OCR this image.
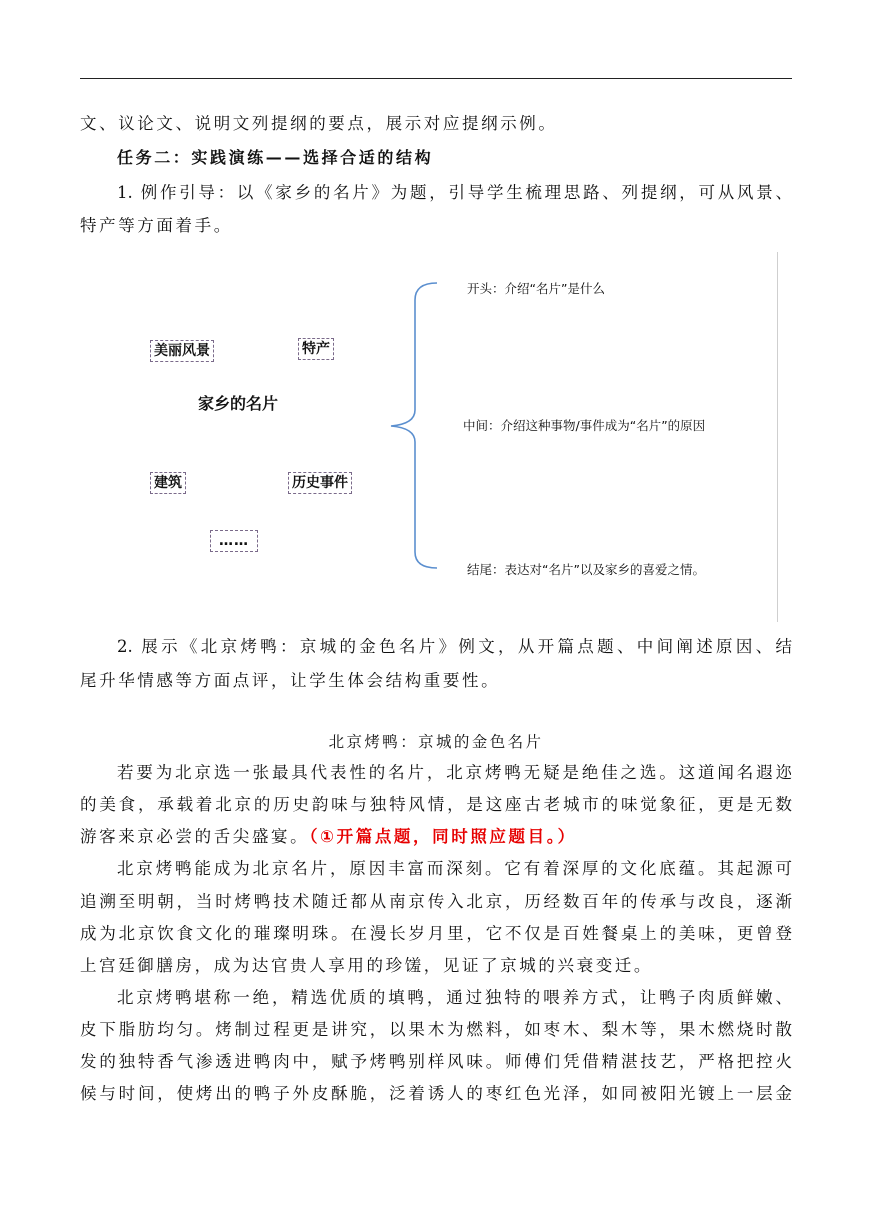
文、议论文、说明文列提纲的要点，展示对应提纲示例。
任务二：实践演练——选择合适的结构
1. 例作引导：以《家乡的名片》为题，引导学生梳理思路、列提纲，可从风景、
特产等方面着手。
美丽风景	特产
家乡的名片
建筑	历史事件
……
开头：介绍“名片”是什么
中间：介绍这种事物/事件成为“名片”的原因
结尾：表达对“名片”以及家乡的喜爱之情。
2. 展示《北京烤鸭：京城的金色名片》例文，从开篇点题、中间阐述原因、结
尾升华情感等方面点评，让学生体会结构重要性。
北京烤鸭：京城的金色名片
若要为北京选一张最具代表性的名片，北京烤鸭无疑是绝佳之选。这道闻名遐迩
的美食，承载着北京的历史韵味与独特风情，是这座古老城市的味觉象征，更是无数
游客来京必尝的舌尖盛宴。（①开篇点题，同时照应题目。）
北京烤鸭能成为北京名片，原因丰富而深刻。它有着深厚的文化底蕴。其起源可
追溯至明朝，当时烤鸭技术随迁都从南京传入北京，历经数百年的传承与改良，逐渐
成为北京饮食文化的璀璨明珠。在漫长岁月里，它不仅是百姓餐桌上的美味，更曾登
上宫廷御膳房，成为达官贵人享用的珍馐，见证了京城的兴衰变迁。
北京烤鸭堪称一绝，精选优质的填鸭，通过独特的喂养方式，让鸭子肉质鲜嫩、
皮下脂肪均匀。烤制过程更是讲究，以果木为燃料，如枣木、梨木等，果木燃烧时散
发的独特香气渗透进鸭肉中，赋予烤鸭别样风味。师傅们凭借精湛技艺，严格把控火
候与时间，使烤出的鸭子外皮酥脆，泛着诱人的枣红色光泽，如同被阳光镀上一层金
